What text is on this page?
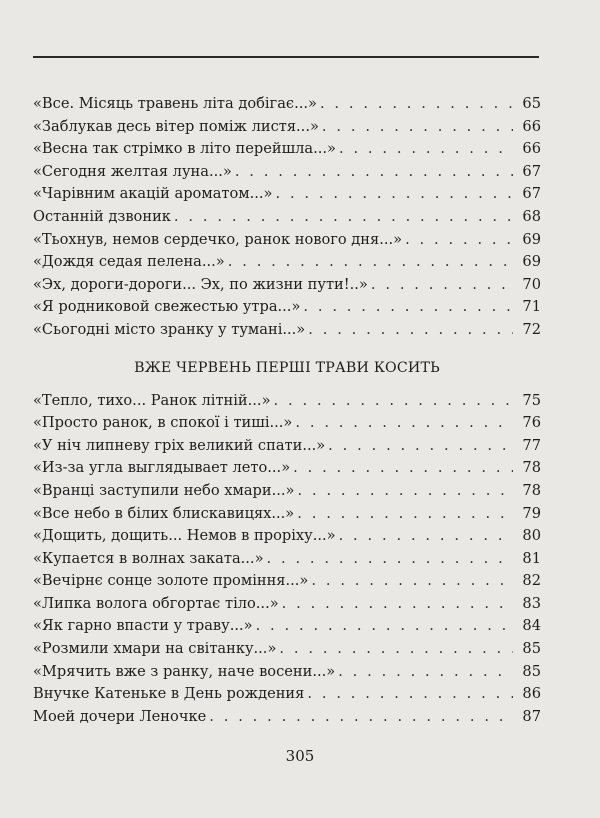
«Все. Місяць травень літа добігає...» . . .	65
«Заблукав десь вітер поміж листя...» . . .	66
«Весна так стрімко в літо перейшла...» . . .	66
«Сегодня желтая луна...» . . .	67
«Чарівним акацій ароматом...» . . .	67
Останній дзвоник . . .	68
«Тьохнув, немов сердечко, ранок нового дня...» . . .	69
«Дождя седая пелена...» . . .	69
«Эх, дороги-дороги... Эх, по жизни пути!..» . . .	70
«Я родниковой свежестью утра...» . . .	71
«Сьогодні місто зранку у тумані...» . . .	72
ВЖЕ ЧЕРВЕНЬ ПЕРШІ ТРАВИ КОСИТЬ
«Тепло, тихо... Ранок літній...» . . .	75
«Просто ранок, в спокої і тиші...» . . .	76
«У ніч липневу гріх великий спати...» . . .	77
«Из-за угла выглядывает лето...» . . .	78
«Вранці заступили небо хмари...» . . .	78
«Все небо в білих блискавицях...» . . .	79
«Дощить, дощить... Немов в проріху...» . . .	80
«Купается в волнах заката...» . . .	81
«Вечірнє сонце золоте проміння...» . . .	82
«Липка волога обгортає тіло...» . . .	83
«Як гарно впасти у траву...» . . .	84
«Розмили хмари на світанку...» . . .	85
«Мрячить вже з ранку, наче восени...» . . .	85
Внучке Катеньке в День рождения . . .	86
Моей дочери Леночке . . .	87
305
